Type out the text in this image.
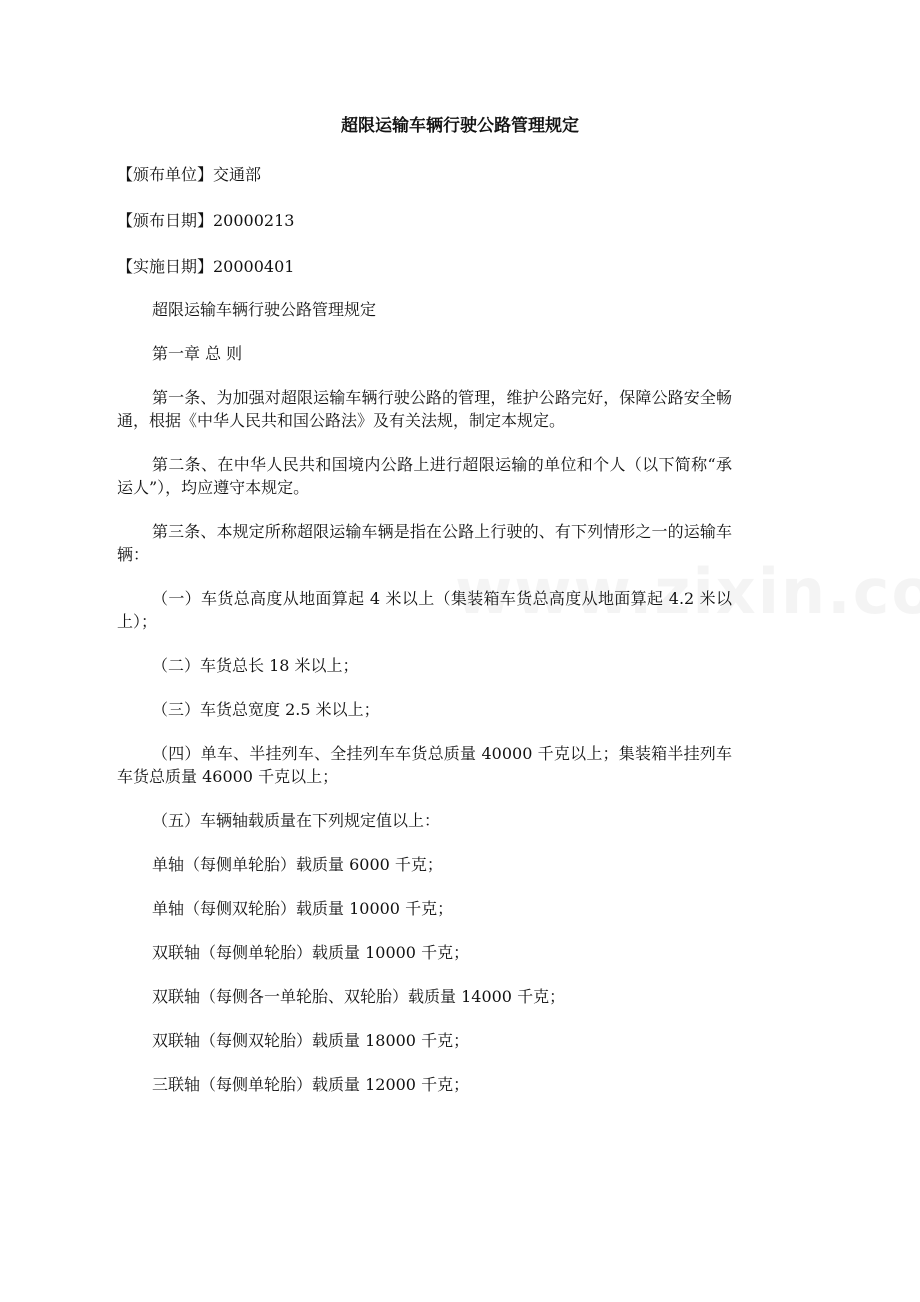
超限运输车辆行驶公路管理规定
【颁布单位】交通部
【颁布日期】20000213
【实施日期】20000401

超限运输车辆行驶公路管理规定

第一章 总 则

第一条、为加强对超限运输车辆行驶公路的管理，维护公路完好，保障公路安全畅通，根据《中华人民共和国公路法》及有关法规，制定本规定。

第二条、在中华人民共和国境内公路上进行超限运输的单位和个人（以下简称“承运人”），均应遵守本规定。

第三条、本规定所称超限运输车辆是指在公路上行驶的、有下列情形之一的运输车辆：

（一）车货总高度从地面算起 4 米以上（集装箱车货总高度从地面算起 4.2 米以上）；

（二）车货总长 18 米以上；

（三）车货总宽度 2.5 米以上；

（四）单车、半挂列车、全挂列车车货总质量 40000 千克以上；集装箱半挂列车车货总质量 46000 千克以上；

（五）车辆轴载质量在下列规定值以上：

单轴（每侧单轮胎）载质量 6000 千克；

单轴（每侧双轮胎）载质量 10000 千克；

双联轴（每侧单轮胎）载质量 10000 千克；

双联轴（每侧各一单轮胎、双轮胎）载质量 14000 千克；

双联轴（每侧双轮胎）载质量 18000 千克；

三联轴（每侧单轮胎）载质量 12000 千克；
